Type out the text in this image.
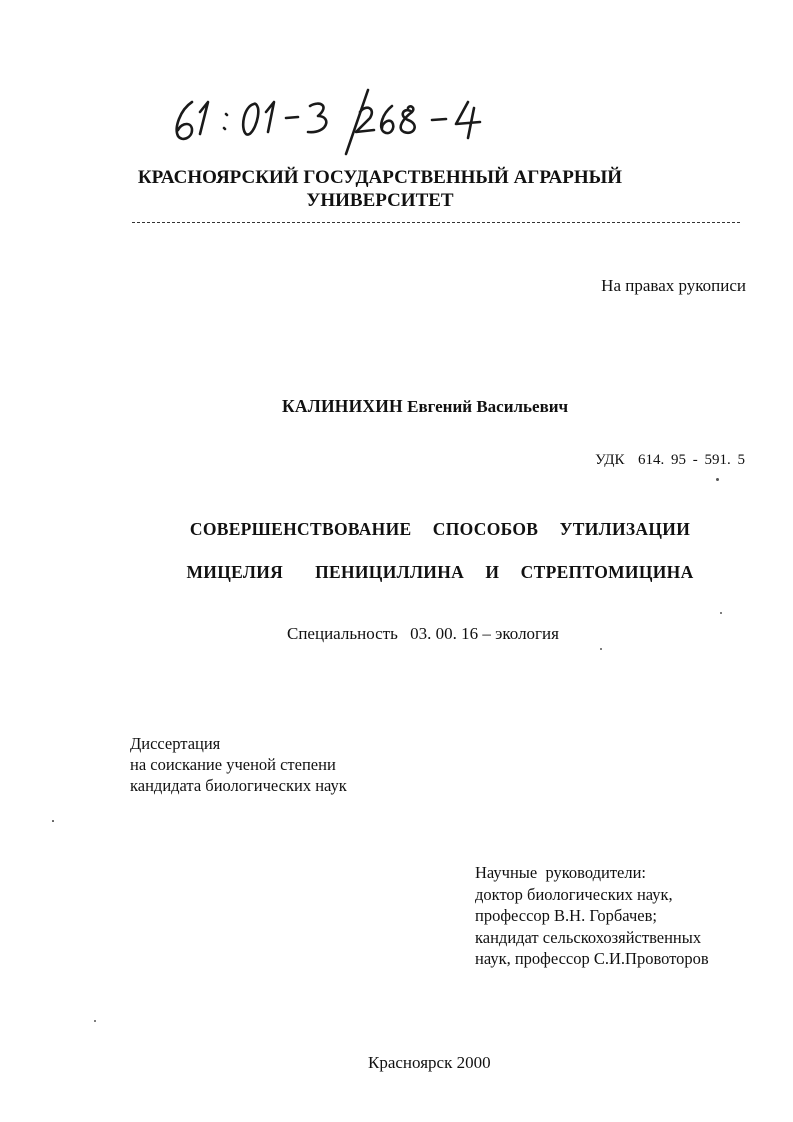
КРАСНОЯРСКИЙ ГОСУДАРСТВЕННЫЙ АГРАРНЫЙ
УНИВЕРСИТЕТ
На правах рукописи
КАЛИНИХИН Евгений Васильевич
УДК  614. 95 - 591. 5
СОВЕРШЕНСТВОВАНИЕ  СПОСОБОВ  УТИЛИЗАЦИИ
МИЦЕЛИЯ   ПЕНИЦИЛЛИНА  И  СТРЕПТОМИЦИНА
Специальность 03. 00. 16 – экология
Диссертация
на соискание ученой степени
кандидата биологических наук
Научные  руководители:
доктор биологических наук,
профессор В.Н. Горбачев;
кандидат сельскохозяйственных
наук, профессор С.И.Провоторов
Красноярск 2000
